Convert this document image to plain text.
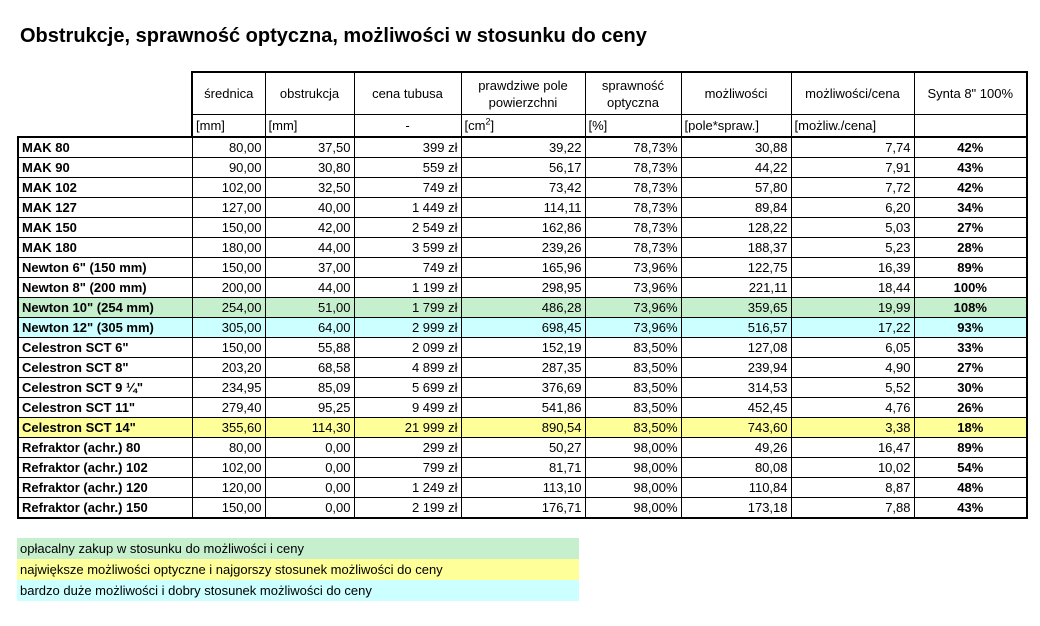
Obstrukcje, sprawność optyczna, możliwości w stosunku do ceny
	średnica	obstrukcja	cena tubusa	prawdziwe pole powierzchni	sprawność optyczna	możliwości	możliwości/cena	Synta 8" 100%
	[mm]	[mm]	-	$[cm^2]$	[%]	[pole*spraw.]	[możliw./cena]	
MAK 80	80,00	37,50	399 zł	39,22	78,73%	30,88	7,74	42%
MAK 90	90,00	30,80	559 zł	56,17	78,73%	44,22	7,91	43%
MAK 102	102,00	32,50	749 zł	73,42	78,73%	57,80	7,72	42%
MAK 127	127,00	40,00	1 449 zł	114,11	78,73%	89,84	6,20	34%
MAK 150	150,00	42,00	2 549 zł	162,86	78,73%	128,22	5,03	27%
MAK 180	180,00	44,00	3 599 zł	239,26	78,73%	188,37	5,23	28%
Newton 6" (150 mm)	150,00	37,00	749 zł	165,96	73,96%	122,75	16,39	89%
Newton 8" (200 mm)	200,00	44,00	1 199 zł	298,95	73,96%	221,11	18,44	100%
Newton 10" (254 mm)	254,00	51,00	1 799 zł	486,28	73,96%	359,65	19,99	108%
Newton 12" (305 mm)	305,00	64,00	2 999 zł	698,45	73,96%	516,57	17,22	93%
Celestron SCT 6"	150,00	55,88	2 099 zł	152,19	83,50%	127,08	6,05	33%
Celestron SCT 8"	203,20	68,58	4 899 zł	287,35	83,50%	239,94	4,90	27%
Celestron SCT 9 ¼"	234,95	85,09	5 699 zł	376,69	83,50%	314,53	5,52	30%
Celestron SCT 11"	279,40	95,25	9 499 zł	541,86	83,50%	452,45	4,76	26%
Celestron SCT 14"	355,60	114,30	21 999 zł	890,54	83,50%	743,60	3,38	18%
Refraktor (achr.) 80	80,00	0,00	299 zł	50,27	98,00%	49,26	16,47	89%
Refraktor (achr.) 102	102,00	0,00	799 zł	81,71	98,00%	80,08	10,02	54%
Refraktor (achr.) 120	120,00	0,00	1 249 zł	113,10	98,00%	110,84	8,87	48%
Refraktor (achr.) 150	150,00	0,00	2 199 zł	176,71	98,00%	173,18	7,88	43%
opłacalny zakup w stosunku do możliwości i ceny
największe możliwości optyczne i najgorszy stosunek możliwości do ceny
bardzo duże możliwości i dobry stosunek możliwości do ceny
